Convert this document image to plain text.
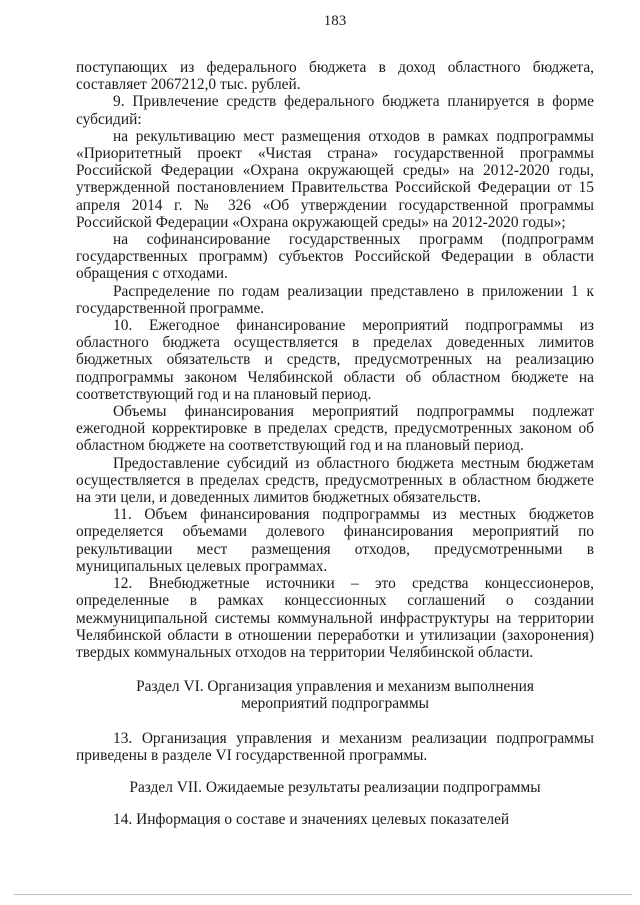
183

поступающих из федерального бюджета в доход областного бюджета, составляет 2067212,0 тыс. рублей.

9. Привлечение средств федерального бюджета планируется в форме субсидий:

на рекультивацию мест размещения отходов в рамках подпрограммы «Приоритетный проект «Чистая страна» государственной программы Российской Федерации «Охрана окружающей среды» на 2012-2020 годы, утвержденной постановлением Правительства Российской Федерации от 15 апреля 2014 г. № 326 «Об утверждении государственной программы Российской Федерации «Охрана окружающей среды» на 2012-2020 годы»;

на софинансирование государственных программ (подпрограмм государственных программ) субъектов Российской Федерации в области обращения с отходами.

Распределение по годам реализации представлено в приложении 1 к государственной программе.

10. Ежегодное финансирование мероприятий подпрограммы из областного бюджета осуществляется в пределах доведенных лимитов бюджетных обязательств и средств, предусмотренных на реализацию подпрограммы законом Челябинской области об областном бюджете на соответствующий год и на плановый период.

Объемы финансирования мероприятий подпрограммы подлежат ежегодной корректировке в пределах средств, предусмотренных законом об областном бюджете на соответствующий год и на плановый период.

Предоставление субсидий из областного бюджета местным бюджетам осуществляется в пределах средств, предусмотренных в областном бюджете на эти цели, и доведенных лимитов бюджетных обязательств.

11. Объем финансирования подпрограммы из местных бюджетов определяется объемами долевого финансирования мероприятий по рекультивации мест размещения отходов, предусмотренными в муниципальных целевых программах.

12. Внебюджетные источники – это средства концессионеров, определенные в рамках концессионных соглашений о создании межмуниципальной системы коммунальной инфраструктуры на территории Челябинской области в отношении переработки и утилизации (захоронения) твердых коммунальных отходов на территории Челябинской области.

Раздел VI. Организация управления и механизм выполнения

мероприятий подпрограммы

13. Организация управления и механизм реализации подпрограммы приведены в разделе VI государственной программы.

Раздел VII. Ожидаемые результаты реализации подпрограммы

14. Информация о составе и значениях целевых показателей
